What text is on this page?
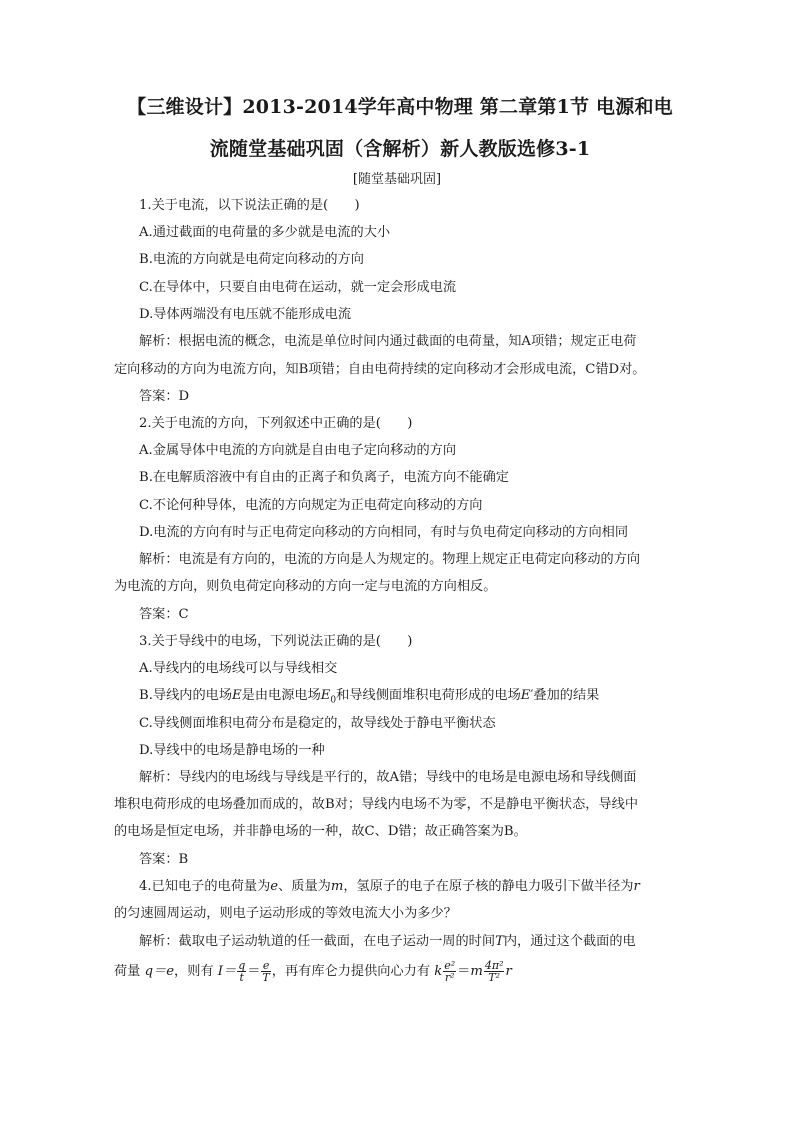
【三维设计】2013-2014学年高中物理 第二章第1节 电源和电
流随堂基础巩固（含解析）新人教版选修3-1
[随堂基础巩固]
1.关于电流，以下说法正确的是(　　)
A.通过截面的电荷量的多少就是电流的大小
B.电流的方向就是电荷定向移动的方向
C.在导体中，只要自由电荷在运动，就一定会形成电流
D.导体两端没有电压就不能形成电流
解析：根据电流的概念，电流是单位时间内通过截面的电荷量，知A项错；规定正电荷
定向移动的方向为电流方向，知B项错；自由电荷持续的定向移动才会形成电流，C错D对。
答案：D
2.关于电流的方向，下列叙述中正确的是(　　)
A.金属导体中电流的方向就是自由电子定向移动的方向
B.在电解质溶液中有自由的正离子和负离子，电流方向不能确定
C.不论何种导体，电流的方向规定为正电荷定向移动的方向
D.电流的方向有时与正电荷定向移动的方向相同，有时与负电荷定向移动的方向相同
解析：电流是有方向的，电流的方向是人为规定的。物理上规定正电荷定向移动的方向
为电流的方向，则负电荷定向移动的方向一定与电流的方向相反。
答案：C
3.关于导线中的电场，下列说法正确的是(　　)
A.导线内的电场线可以与导线相交
B.导线内的电场E是由电源电场$E_0$和导线侧面堆积电荷形成的电场E′叠加的结果
C.导线侧面堆积电荷分布是稳定的，故导线处于静电平衡状态
D.导线中的电场是静电场的一种
解析：导线内的电场线与导线是平行的，故A错；导线中的电场是电源电场和导线侧面
堆积电荷形成的电场叠加而成的，故B对；导线内电场不为零，不是静电平衡状态，导线中
的电场是恒定电场，并非静电场的一种，故C、D错；故正确答案为B。
答案：B
4.已知电子的电荷量为e、质量为m，氢原子的电子在原子核的静电力吸引下做半径为r
的匀速圆周运动，则电子运动形成的等效电流大小为多少？
解析：截取电子运动轨道的任一截面，在电子运动一周的时间T内，通过这个截面的电
荷量 q＝e，则有 $I= \frac{q}{t} = \frac{e}{T}$ ，再有库仑力提供向心力有 k $\frac{\text{e²}}{\text{r²}} =m \frac{\text{4π²}}{\text{T²}}$ r
